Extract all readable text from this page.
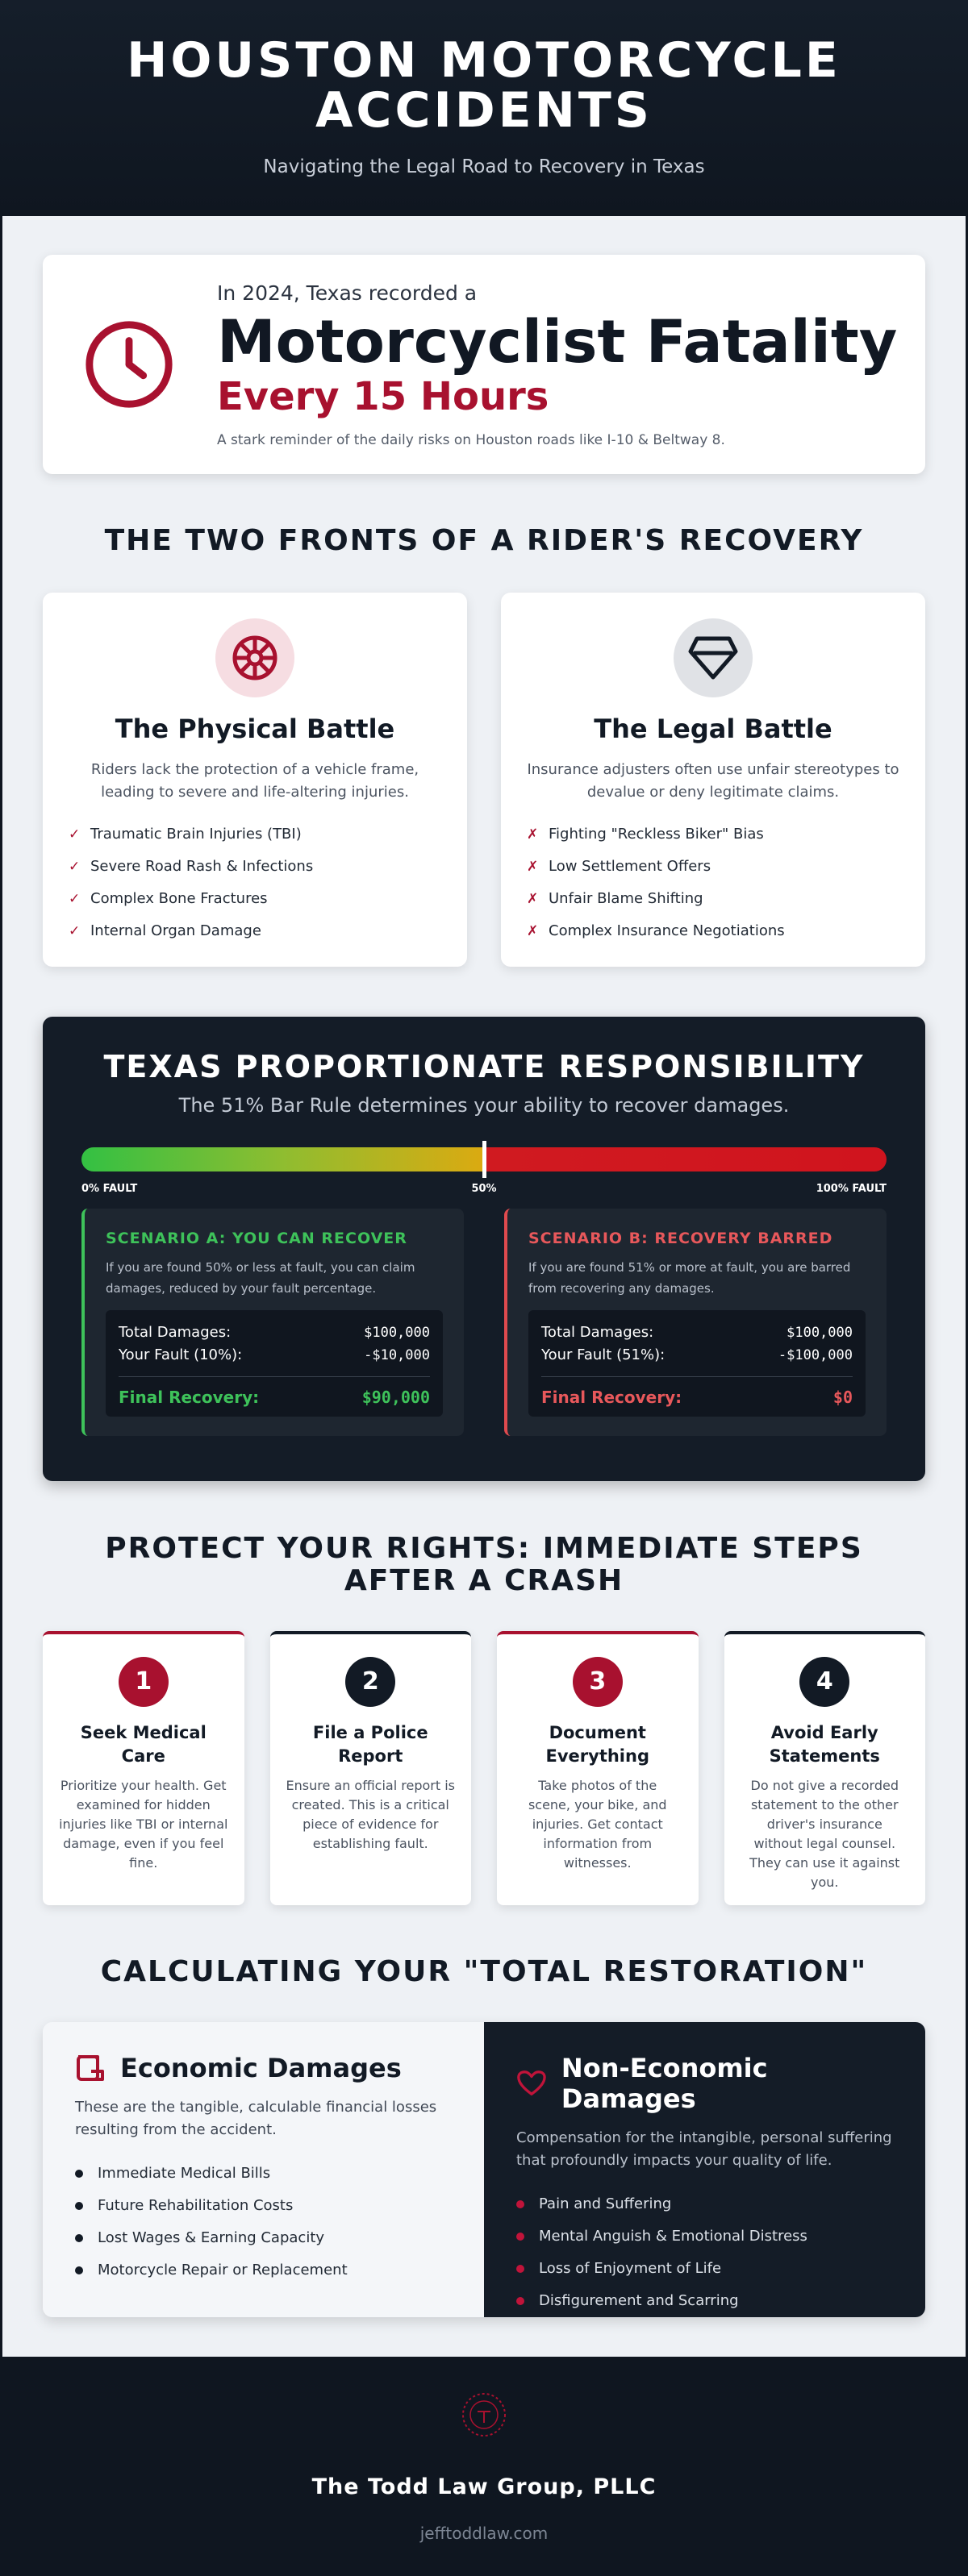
HOUSTON MOTORCYCLE ACCIDENTS
Navigating the Legal Road to Recovery in Texas
In 2024, Texas recorded a
Motorcyclist Fatality
Every 15 Hours
A stark reminder of the daily risks on Houston roads like I-10 & Beltway 8.
THE TWO FRONTS OF A RIDER'S RECOVERY
The Physical Battle

Riders lack the protection of a vehicle frame, leading to severe and life-altering injuries.

✓ Traumatic Brain Injuries (TBI)
✓ Severe Road Rash & Infections
✓ Complex Bone Fractures
✓ Internal Organ Damage
The Legal Battle

Insurance adjusters often use unfair stereotypes to devalue or deny legitimate claims.

✗ Fighting "Reckless Biker" Bias
✗ Low Settlement Offers
✗ Unfair Blame Shifting
✗ Complex Insurance Negotiations
TEXAS PROPORTIONATE RESPONSIBILITY
The 51% Bar Rule determines your ability to recover damages.
0% FAULT	50%	100% FAULT
SCENARIO A: YOU CAN RECOVER

If you are found 50% or less at fault, you can claim damages, reduced by your fault percentage.

Total Damages:	$100,000
Your Fault (10%):	-$10,000
Final Recovery:	$90,000
SCENARIO B: RECOVERY BARRED

If you are found 51% or more at fault, you are barred from recovering any damages.

Total Damages:	$100,000
Your Fault (51%):	-$100,000
Final Recovery:	$0
PROTECT YOUR RIGHTS: IMMEDIATE STEPS AFTER A CRASH
1
Seek Medical Care

Prioritize your health. Get examined for hidden injuries like TBI or internal damage, even if you feel fine.

2
File a Police Report

Ensure an official report is created. This is a critical piece of evidence for establishing fault.

3
Document Everything

Take photos of the scene, your bike, and injuries. Get contact information from witnesses.

4
Avoid Early Statements

Do not give a recorded statement to the other driver's insurance without legal counsel. They can use it against you.

CALCULATING YOUR "TOTAL RESTORATION"
Economic Damages

These are the tangible, calculable financial losses resulting from the accident.

Immediate Medical Bills
Future Rehabilitation Costs
Lost Wages & Earning Capacity
Motorcycle Repair or Replacement
Non-Economic Damages

Compensation for the intangible, personal suffering that profoundly impacts your quality of life.

Pain and Suffering
Mental Anguish & Emotional Distress
Loss of Enjoyment of Life
Disfigurement and Scarring
The Todd Law Group, PLLC
jefftoddlaw.com
